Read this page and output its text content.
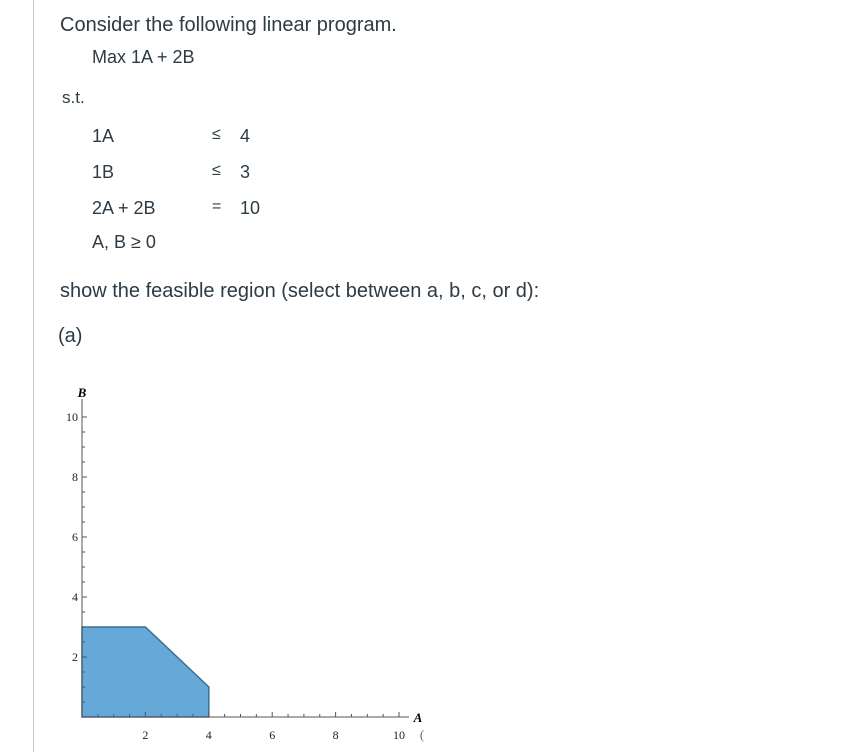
Consider the following linear program.
Max 1A + 2B
s.t.
1A	≤ 4
1B	≤ 3
2A + 2B	= 10
A, B ≥ 0
show the feasible region (select between a, b, c, or d):
(a)
2	4	6	8	10
2
4
6
8
10
B
A
(
